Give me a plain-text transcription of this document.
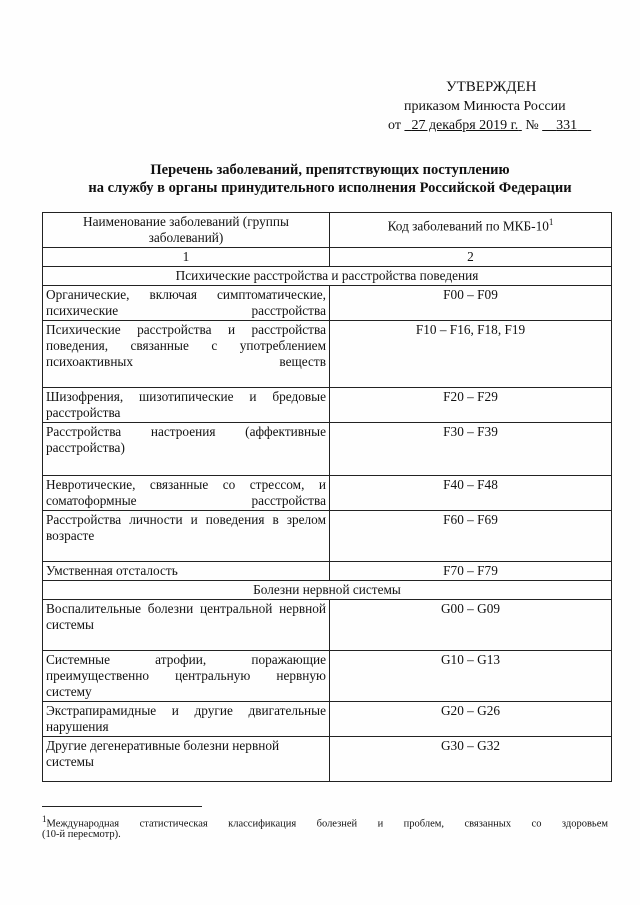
УТВЕРЖДЕН
приказом Минюста России
от 27 декабря 2019 г. № 331
Перечень заболеваний, препятствующих поступлению
на службу в органы принудительного исполнения Российской Федерации
Наименование заболеваний (группы заболеваний)	Код заболеваний по МКБ-$10^1$
1	2
Психические расстройства и расстройства поведения	
Органические, включая симптоматические, психические расстройства	F00 – F09
Психические расстройства и расстройства поведения, связанные с употреблением психоактивных веществ	F10 – F16, F18, F19
Шизофрения, шизотипические и бредовые расстройства	F20 – F29
Расстройства настроения (аффективные расстройства)	F30 – F39
Невротические, связанные со стрессом, и соматоформные расстройства	F40 – F48
Расстройства личности и поведения в зрелом возрасте	F60 – F69
Умственная отсталость	F70 – F79
Болезни нервной системы	
Воспалительные болезни центральной нервной системы	G00 – G09
Системные атрофии, поражающие преимущественно центральную нервную систему	G10 – G13
Экстрапирамидные и другие двигательные нарушения	G20 – G26
Другие дегенеративные болезни нервной системы	G30 – G32
$^1$Международная статистическая классификация болезней и проблем, связанных со здоровьем
(10-й пересмотр).
